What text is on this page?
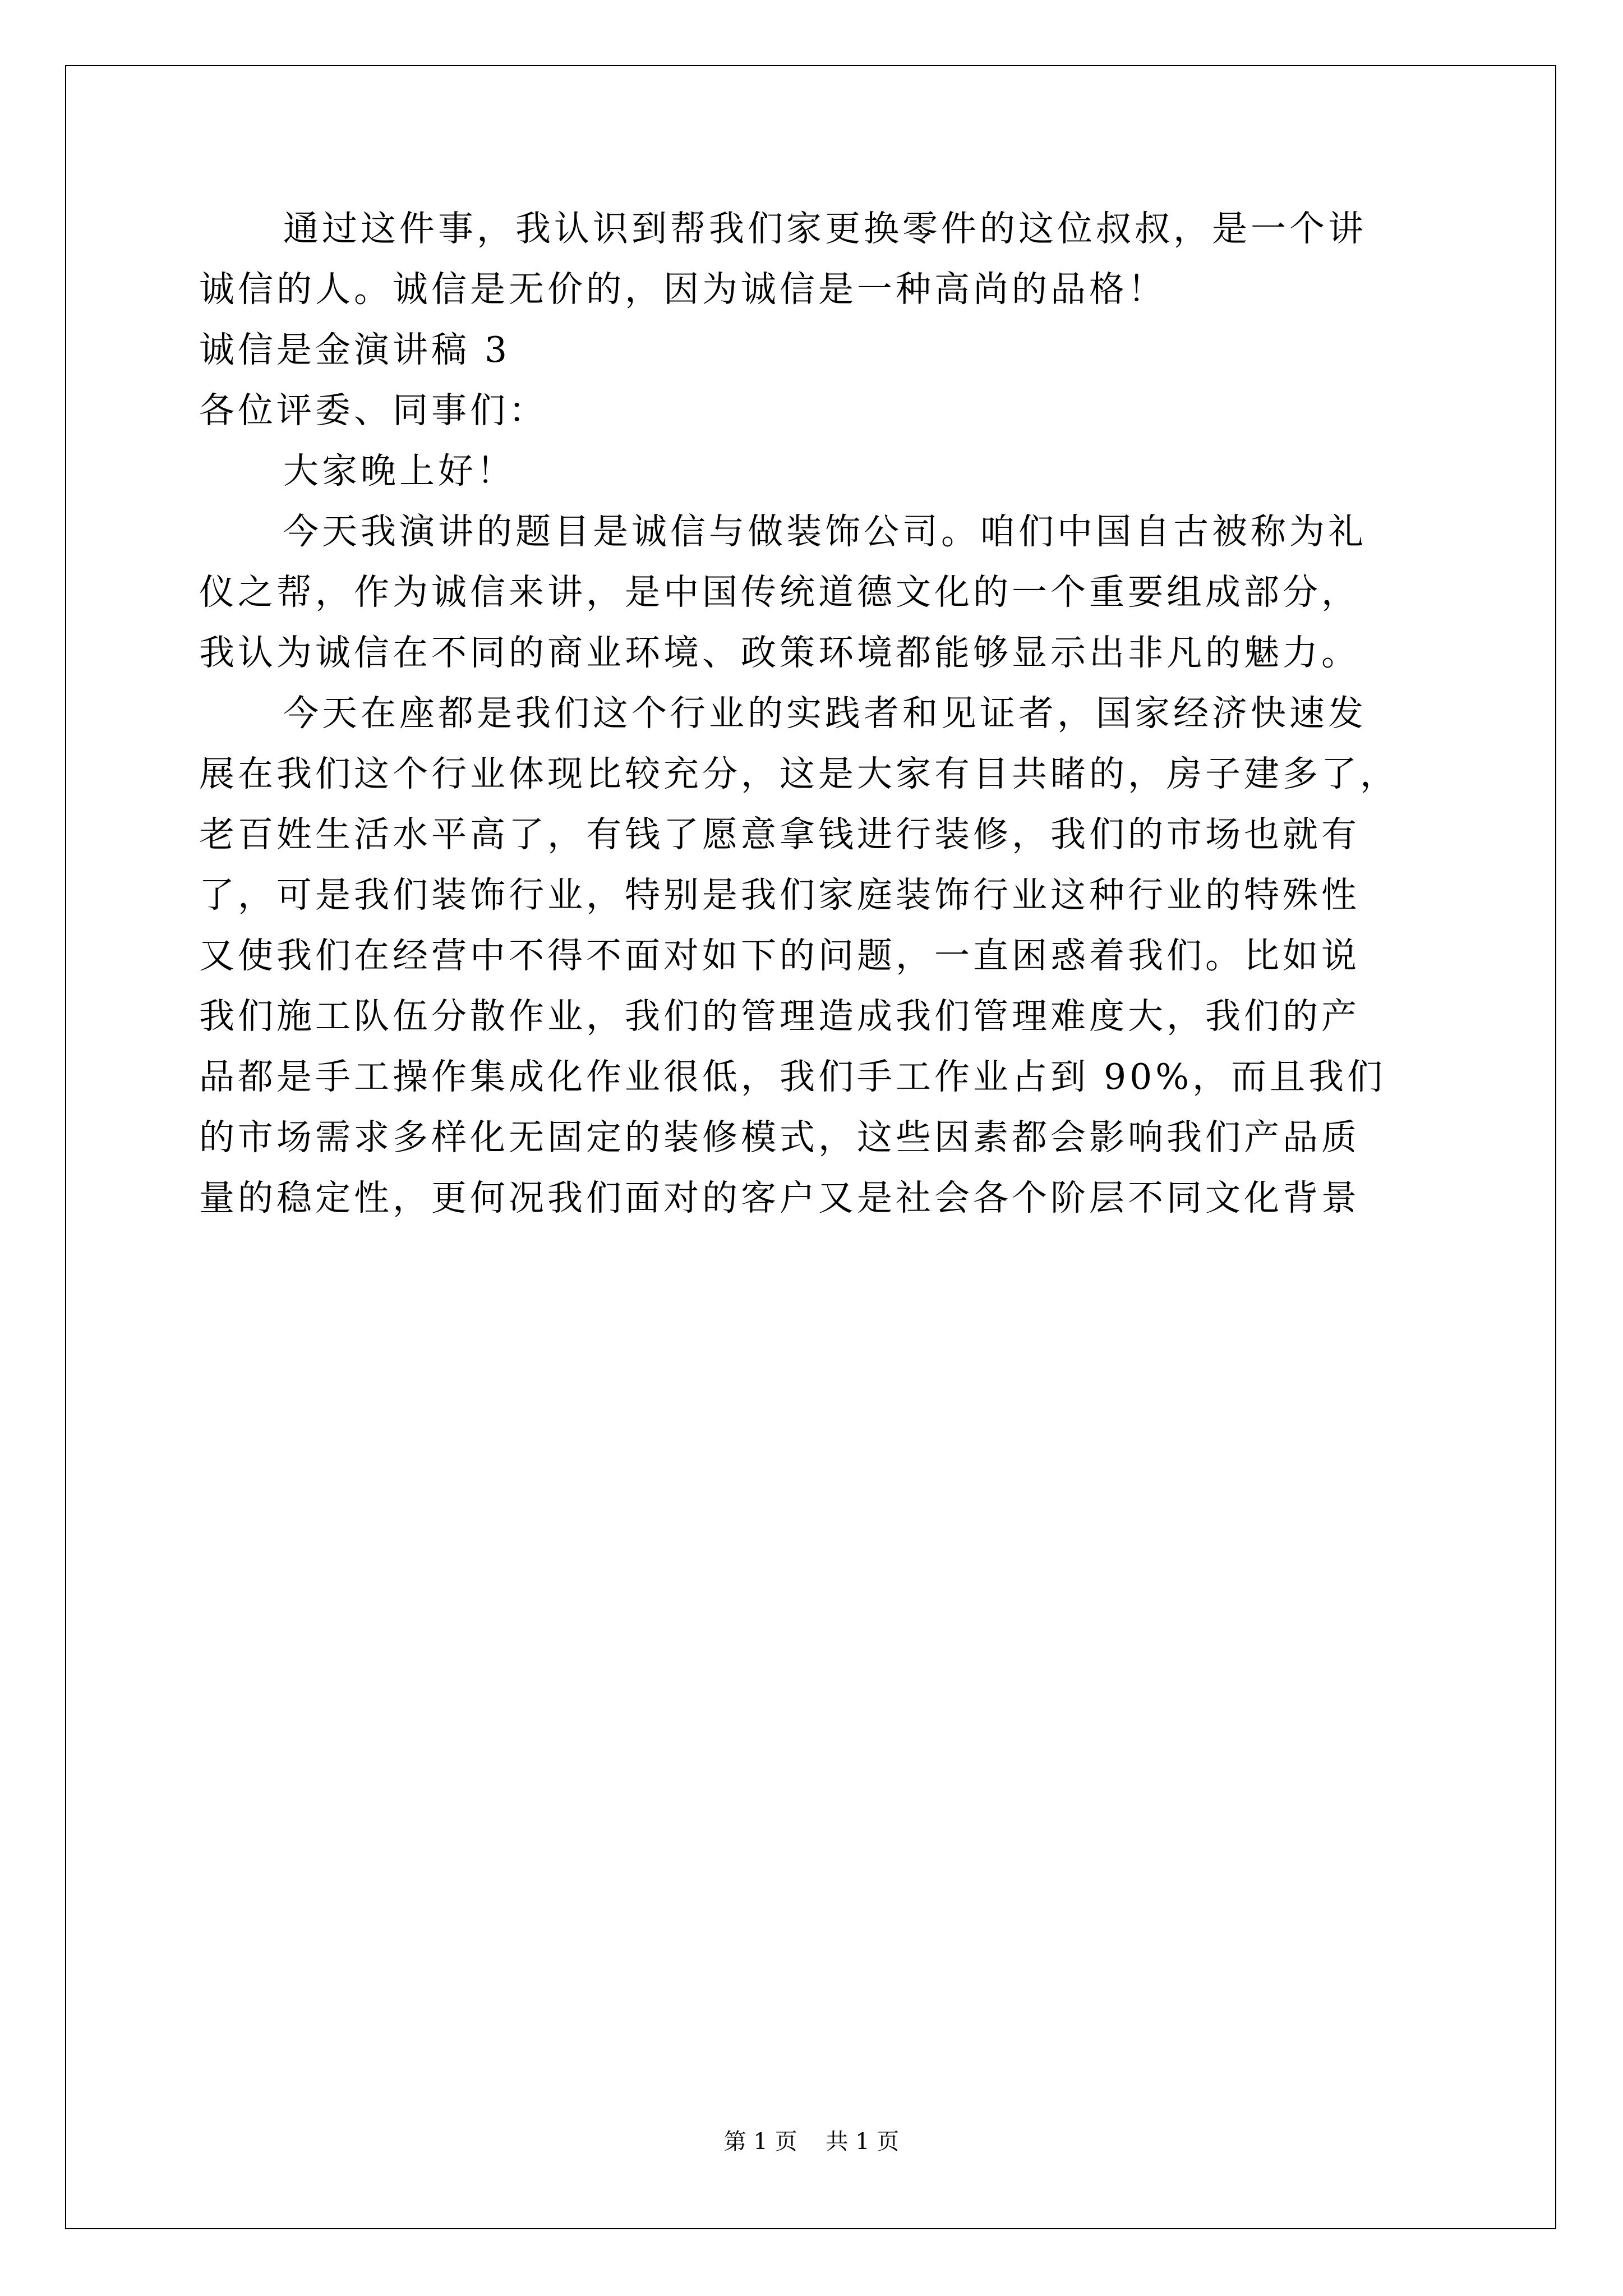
通过这件事，我认识到帮我们家更换零件的这位叔叔，是一个讲
诚信的人。诚信是无价的，因为诚信是一种高尚的品格！
诚信是金演讲稿 3
各位评委、同事们：
大家晚上好！
今天我演讲的题目是诚信与做装饰公司。咱们中国自古被称为礼
仪之帮，作为诚信来讲，是中国传统道德文化的一个重要组成部分，
我认为诚信在不同的商业环境、政策环境都能够显示出非凡的魅力。
今天在座都是我们这个行业的实践者和见证者，国家经济快速发
展在我们这个行业体现比较充分，这是大家有目共睹的，房子建多了，
老百姓生活水平高了，有钱了愿意拿钱进行装修，我们的市场也就有
了，可是我们装饰行业，特别是我们家庭装饰行业这种行业的特殊性
又使我们在经营中不得不面对如下的问题，一直困惑着我们。比如说
我们施工队伍分散作业，我们的管理造成我们管理难度大，我们的产
品都是手工操作集成化作业很低，我们手工作业占到 90%，而且我们
的市场需求多样化无固定的装修模式，这些因素都会影响我们产品质
量的稳定性，更何况我们面对的客户又是社会各个阶层不同文化背景
第 1 页    共 1 页
